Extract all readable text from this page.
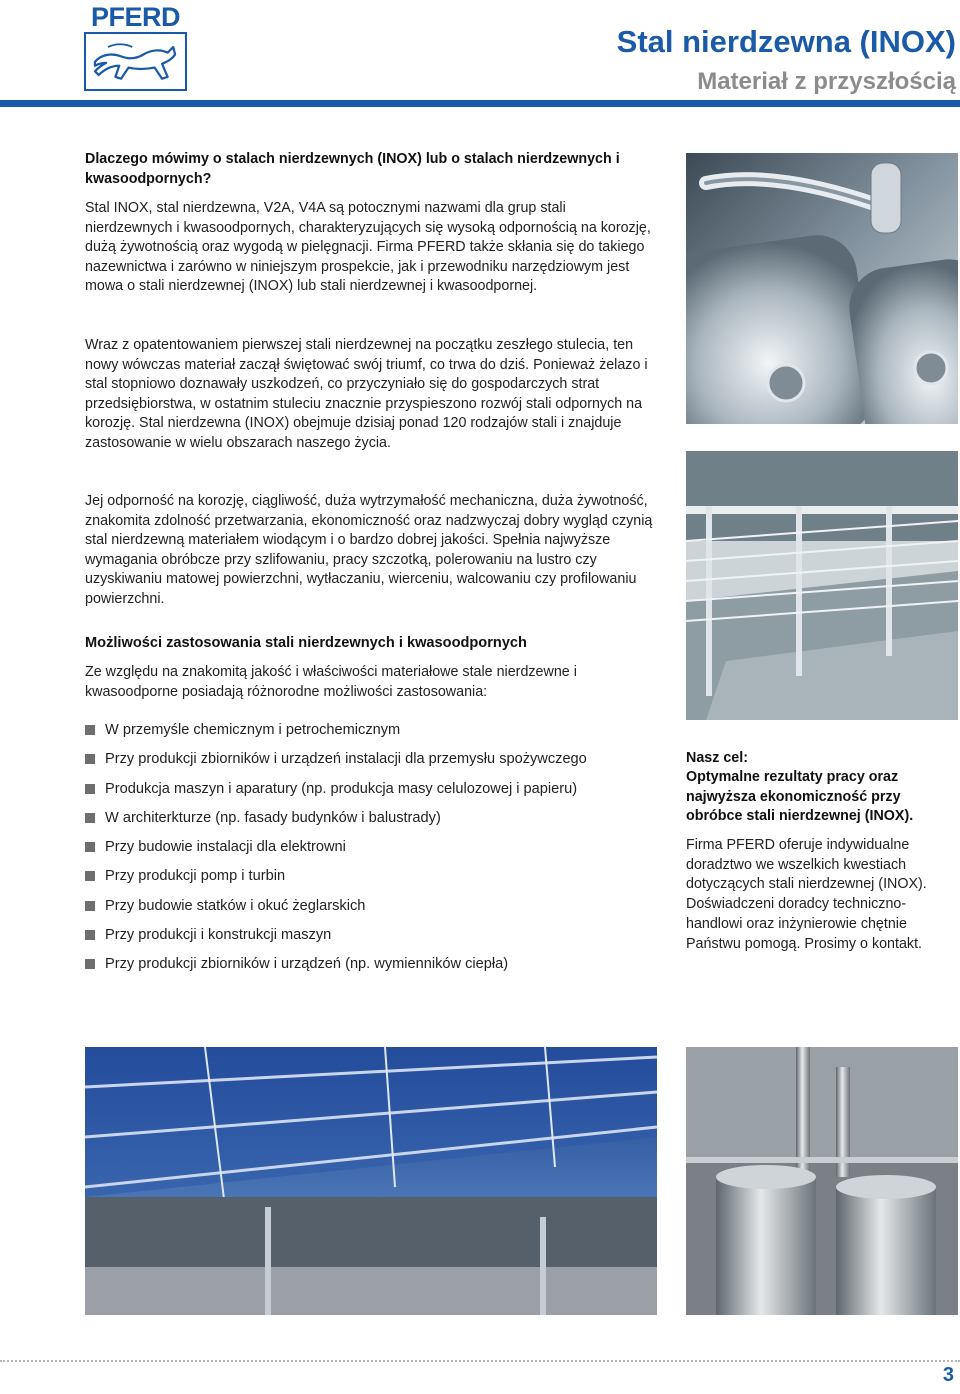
PFERD
Stal nierdzewna (INOX)
Materiał z przyszłością
Dlaczego mówimy o stalach nierdzewnych (INOX) lub o stalach nierdzewnych i kwasoodpornych?
Stal INOX, stal nierdzewna, V2A, V4A są potocznymi nazwami dla grup stali nierdzewnych i kwasoodpornych, charakteryzujących się wysoką odpornością na korozję, dużą żywotnością oraz wygodą w pielęgnacji. Firma PFERD także skłania się do takiego nazewnictwa i zarówno w niniejszym prospekcie, jak i przewodniku narzędziowym jest mowa o stali nierdzewnej (INOX) lub stali nierdzewnej i kwasoodpornej.
Wraz z opatentowaniem pierwszej stali nierdzewnej na początku zeszłego stulecia, ten nowy wówczas materiał zaczął świętować swój triumf, co trwa do dziś. Ponieważ żelazo i stal stopniowo doznawały uszkodzeń, co przyczyniało się do gospodarczych strat przedsiębiorstwa, w ostatnim stuleciu znacznie przyspieszono rozwój stali odpornych na korozję. Stal nierdzewna (INOX) obejmuje dzisiaj ponad 120 rodzajów stali i znajduje zastosowanie w wielu obszarach naszego życia.
Jej odporność na korozję, ciągliwość, duża wytrzymałość mechaniczna, duża żywotność, znakomita zdolność przetwarzania, ekonomiczność oraz nadzwyczaj dobry wygląd czynią stal nierdzewną materiałem wiodącym i o bardzo dobrej jakości. Spełnia najwyższe wymagania obróbcze przy szlifowaniu, pracy szczotką, polerowaniu na lustro czy uzyskiwaniu matowej powierzchni, wytłaczaniu, wierceniu, walcowaniu czy profilowaniu powierzchni.
Możliwości zastosowania stali nierdzewnych i kwasoodpornych
Ze względu na znakomitą jakość i właściwości materiałowe stale nierdzewne i kwasoodporne posiadają różnorodne możliwości zastosowania:
W przemyśle chemicznym i petrochemicznym
Przy produkcji zbiorników i urządzeń instalacji dla przemysłu spożywczego
Produkcja maszyn i aparatury (np. produkcja masy celulozowej i papieru)
W architerkturze (np. fasady budynków i balustrady)
Przy budowie instalacji dla elektrowni
Przy produkcji pomp i turbin
Przy budowie statków i okuć żeglarskich
Przy produkcji i konstrukcji maszyn
Przy produkcji zbiorników i urządzeń (np. wymienników ciepła)
Nasz cel:
Optymalne rezultaty pracy oraz najwyższa ekonomiczność przy obróbce stali nierdzewnej (INOX).
Firma PFERD oferuje indywidualne doradztwo we wszelkich kwestiach dotyczących stali nierdzewnej (INOX). Doświadczeni doradcy techniczno-handlowi oraz inżynierowie chętnie Państwu pomogą. Prosimy o kontakt.
3
